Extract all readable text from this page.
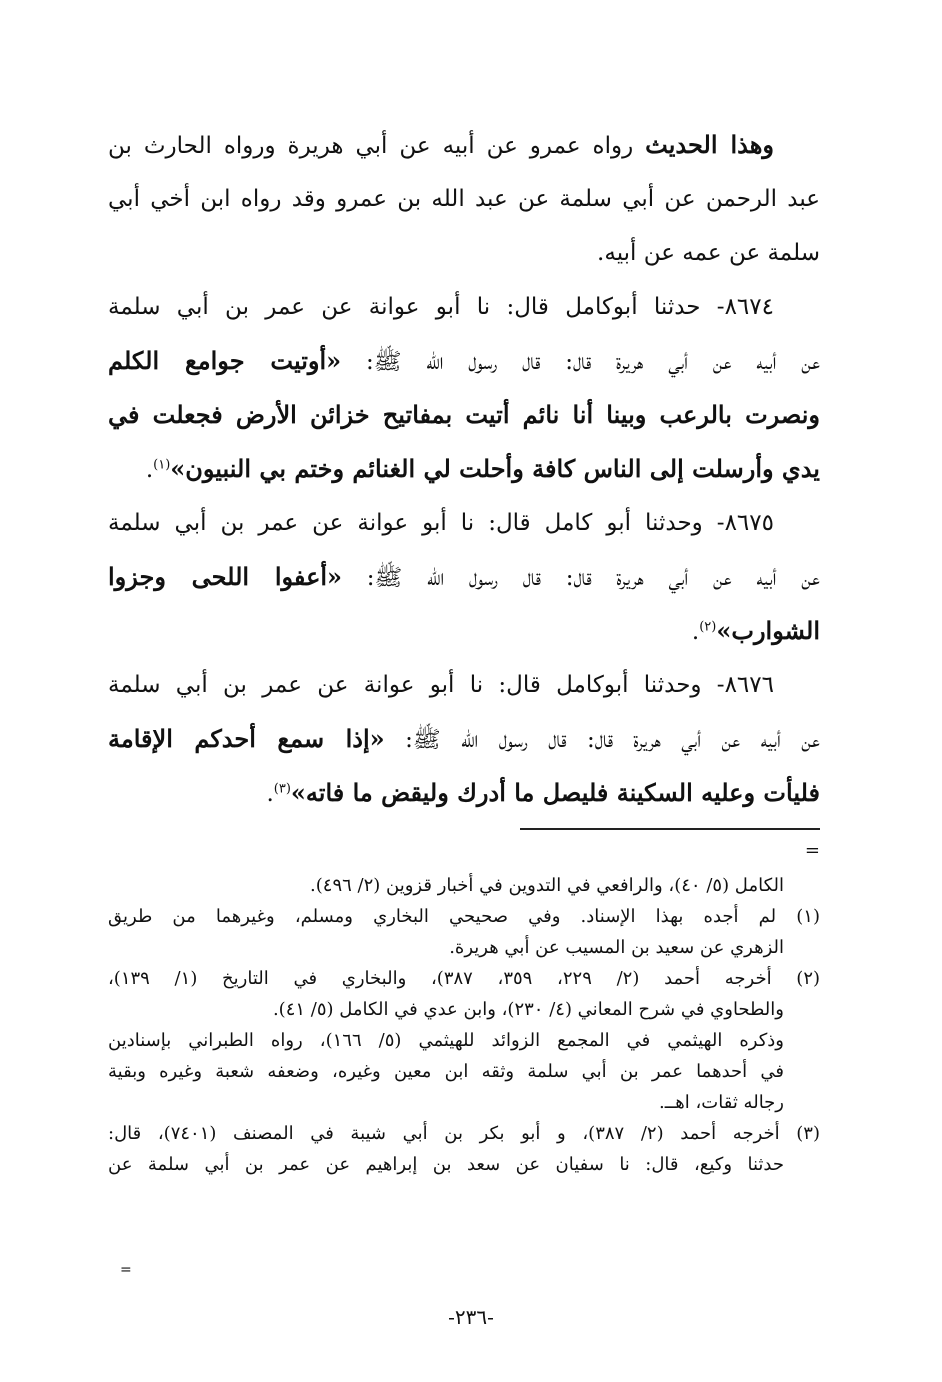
وهذا الحديث رواه عمرو عن أبيه عن أبي هريرة ورواه الحارث بن
عبد الرحمن عن أبي سلمة عن عبد الله بن عمرو وقد رواه ابن أخي أبي
سلمة عن عمه عن أبيه.
٨٦٧٤- حدثنا أبوكامل قال: نا أبو عوانة عن عمر بن أبي سلمة
عن أبيه عن أبي هريرة قال: قال رسول الله ﷺ: «أوتيت جوامع الكلم
ونصرت بالرعب وبينا أنا نائم أتيت بمفاتيح خزائن الأرض فجعلت في
يدي وأرسلت إلى الناس كافة وأحلت لي الغنائم وختم بي النبيون»$^{(١)}$.
٨٦٧٥- وحدثنا أبو كامل قال: نا أبو عوانة عن عمر بن أبي سلمة
عن أبيه عن أبي هريرة قال: قال رسول الله ﷺ: «أعفوا اللحى وجزوا
الشوارب»$^{(٢)}$.
٨٦٧٦- وحدثنا أبوكامل قال: نا أبو عوانة عن عمر بن أبي سلمة
عن أبيه عن أبي هريرة قال: قال رسول الله ﷺ: «إذا سمع أحدكم الإقامة
فليأت وعليه السكينة فليصل ما أدرك وليقض ما فاته»$^{(٣)}$.
=
الكامل (٥/ ٤٠)، والرافعي في التدوين في أخبار قزوين (٢/ ٤٩٦).
(١) لم أجده بهذا الإسناد. وفي صحيحي البخاري ومسلم، وغيرهما من طريق
الزهري عن سعيد بن المسيب عن أبي هريرة.
(٢) أخرجه أحمد (٢/ ٢٢٩، ٣٥٩، ٣٨٧)، والبخاري في التاريخ (١/ ١٣٩)،
والطحاوي في شرح المعاني (٤/ ٢٣٠)، وابن عدي في الكامل (٥/ ٤١).
وذكره الهيثمي في المجمع الزوائد للهيثمي (٥/ ١٦٦)، رواه الطبراني بإسنادين
في أحدهما عمر بن أبي سلمة وثقه ابن معين وغيره، وضعفه شعبة وغيره وبقية
رجاله ثقات، اهــ.
(٣) أخرجه أحمد (٢/ ٣٨٧)، و أبو بكر بن أبي شيبة في المصنف (٧٤٠١)، قال:
حدثنا وكيع، قال: نا سفيان عن سعد بن إبراهيم عن عمر بن أبي سلمة عن
=
-٢٣٦-
